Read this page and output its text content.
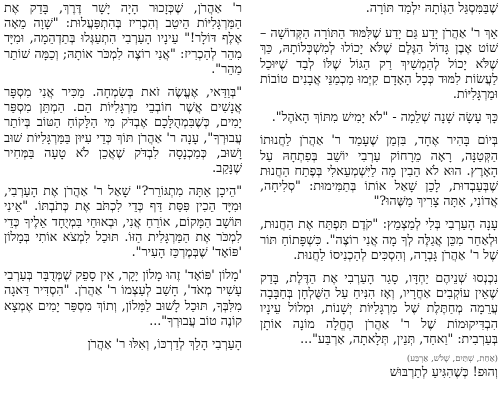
שֶׁבַּמִּסְגַּל הַגְּוֹתָהּ יִלְמַד תּוֹרָה.

אַךְ ר' אַהֲרֹן יָדַע גַּם יָדַע שֶׁלִּמּוּד הַתּוֹרָה הַקְּדוֹשָׁה – שׁוֹט אֶבֶן גָּדוֹל הַגֶּלֶם שֶׁלֹּא יָכוֹלוּ לְמִשְׁכְּלוֹתָהּ, כַּךְ שֶׁלֹּא יָכוֹל לְהַמְשִׁיךְ רַק הַגּוֹל שֶׁלּוֹ לְבַד שֶׁיּוּכַל לַעֲשׂוֹת לִמּוּד כְּכָל הָאָדָם קִיְּמוּ מַכְמַנֵּי אֲבָנִים טוֹבוֹת וּמַרְגָּלִיּוֹת.

כָּךְ עָשָׂה שָׁנָה שְׁלֵמָה - "לֹא יָמִישׁ מִתּוֹךְ הָאֹהֶל".

בְּיוֹם בָּהִיר אֶחָד, בִּזְמַן שֶׁעָמַד ר' אַהֲרֹן לַחֲנוּתוֹ הַקְּטַנָּה, רָאָה מֵרָחוֹק עַרְבִי יוֹשֵׁב בְּפִתְחָהּ עַל הָאָרֶץ. הוּא לֹא הֵבִין מָה לַיִּשְׁמְעֵאלִי בְּפֶתַח הַחֲנוּת שֶׁבְּעַבְדוּת, לָכֵן שָׁאַל אוֹתוֹ בְּתַמִּימוּת: "סְלִיחָה, אֲדוֹנִי, אַתָּה צָרִיךְ מַשֶּׁהוּ?"

עָנָה הָעַרְבִי בְּלִי לְמַצְמֵץ: "קֹדֶם תִּפְתַּח אֶת הַחֲנוּת, וּלְאַחַר מִכֵּן אֲגַלֶּה לְךָ מָה אֲנִי רוֹצֶה". כִּשְׁפָּתוֹחַ תּוֹר שֶׁל ר' אַהֲרֹן גָּבְרָה, וְהִסְכִּים לְהַכְנִיסוֹ לַחֲנוּת.

נִכְנְסוּ שְׁנֵיהֶם יַחְדָּו, סָגַר הָעַרְבִי אֶת הַדֶּלֶת, בָּדַק שֶׁאֵין עוֹקְבִים אַחֲרָיו, וְאָז הִנִּיחַ עַל הַשֻּׁלְחָן בְּחַבָּבָה עֲרֵמָה מְחַתֶּלֶת שֶׁל מַרְגָּלִיּוֹת יְשָׁנוֹת, וּמְלוֹל עֵינָיו הִבְדִּיקוּמוֹת שֶׁל ר' אַהֲרֹן הֶחֱלָה מוֹנָה אוֹתָן בְּעַרְבִית: "וַאחַד, תְּנֵין, תְּלָאתָה, אַרְבַּע"...

(אַחַת, שְׁתַּיִם, שָׁלֹשׁ, אַרְבַּע)
וְהוּפ! כְּשֶׁהִגִּיעַ לְתַרְבּוּשׁ

ר' אַהֲרֹן, שֶׁכְּזָכוּר הָיָה יָשָׁר דֶּרֶךְ, בָּדַק אֶת הַמַּרְגָּלִיּוֹת הֵיטֵב וְהִכְרִיז בְּהִתְפַּעֲלוּת: "שָׁוָה מֵאָה אֶלֶף דּוֹלָר!" עֵינָיו הָעַרְבִי הִתְעַגְּלוּ בְּתַדְהֵמָה, וּמִיָּד מִהֵר לְהַכְרִיז: "אֲנִי רוֹצֶה לִמְכֹּר אוֹתָהּ; וְכַמָּה שׁוֹתֵר מַהֵר".

"בְּוַדַּאי, אֶעֱשֶׂה זֹאת בְּשִׂמְחָה. מַכִּיר אֲנִי מִסְפָּר אֲנָשִׁים אֲשֶׁר חוֹבְבֵי מַרְגָּלִיּוֹת הֵם. הַמְתֵּן מִסְפַּר יָמִים, כְּשֶׁבִּמְהֻלָּכָם אֶבְדֹּק מִי הַלָּקוֹחַ הַטּוֹב בְּיוֹתֵר עֲבוּרְךָ", עָנָה ר' אַהֲרֹן תּוֹךְ כְּדֵי עִיּוּן בַּמַּרְגָּלִיּוֹת שׁוּב וָשׁוּב, כְּמַכְנָסָה לִבְדֹּק שֶׁאֲכֵן לֹא טָעָה בַּמְּחִיר שֶׁנָּקַב.

"הֵיכָן אַתָּה מִתְגּוֹרֵר?" שָׁאַל ר' אַהֲרֹן אֶת הָעַרְבִי, וּמִיָּד הֵכִין פִּסַּת דַּף כְּדֵי לִכְתֹּב אֶת כְּתֹבְתּוֹ. "אֵינִי תּוֹשָׁב הַמָּקוֹם, אוֹרֵחַ אֲנִי, וּבְאוּחַי בִּמְיֻחָד אֵלֶיךָ כְּדֵי לִמְכֹּר אֶת הַמַּרְגָּלִית הַזּוֹ. תּוּכַל לִמְצֹא אוֹתִי בְּמָלוֹן 'פּוֹאָד' שֶׁבְּמֶרְכַּז הָעִיר".

'מָלוֹן 'פּוֹאָד' זֶהוּ מָלוֹן יָקָר, אֵין סָפֵק שֶׁמְּדֻבָּר בְּעַרְבִי עָשִׁיר מְאֹד', חָשַׁב לְעַצְמוֹ ר' אַהֲרֹן. "הִסְדִּיר דַּאגָה מִלִּבְּךָ, תּוּכַל לָשׁוּב לַמָּלוֹן, וְתוֹךְ מִסְפַּר יָמִים אֶמְצָא קוֹנֶה טוֹב עֲבוּרְךָ"...

הָעַרְבִי הָלַךְ לְדַרְכּוֹ, וְאִלּוּ ר' אַהֲרֹן
